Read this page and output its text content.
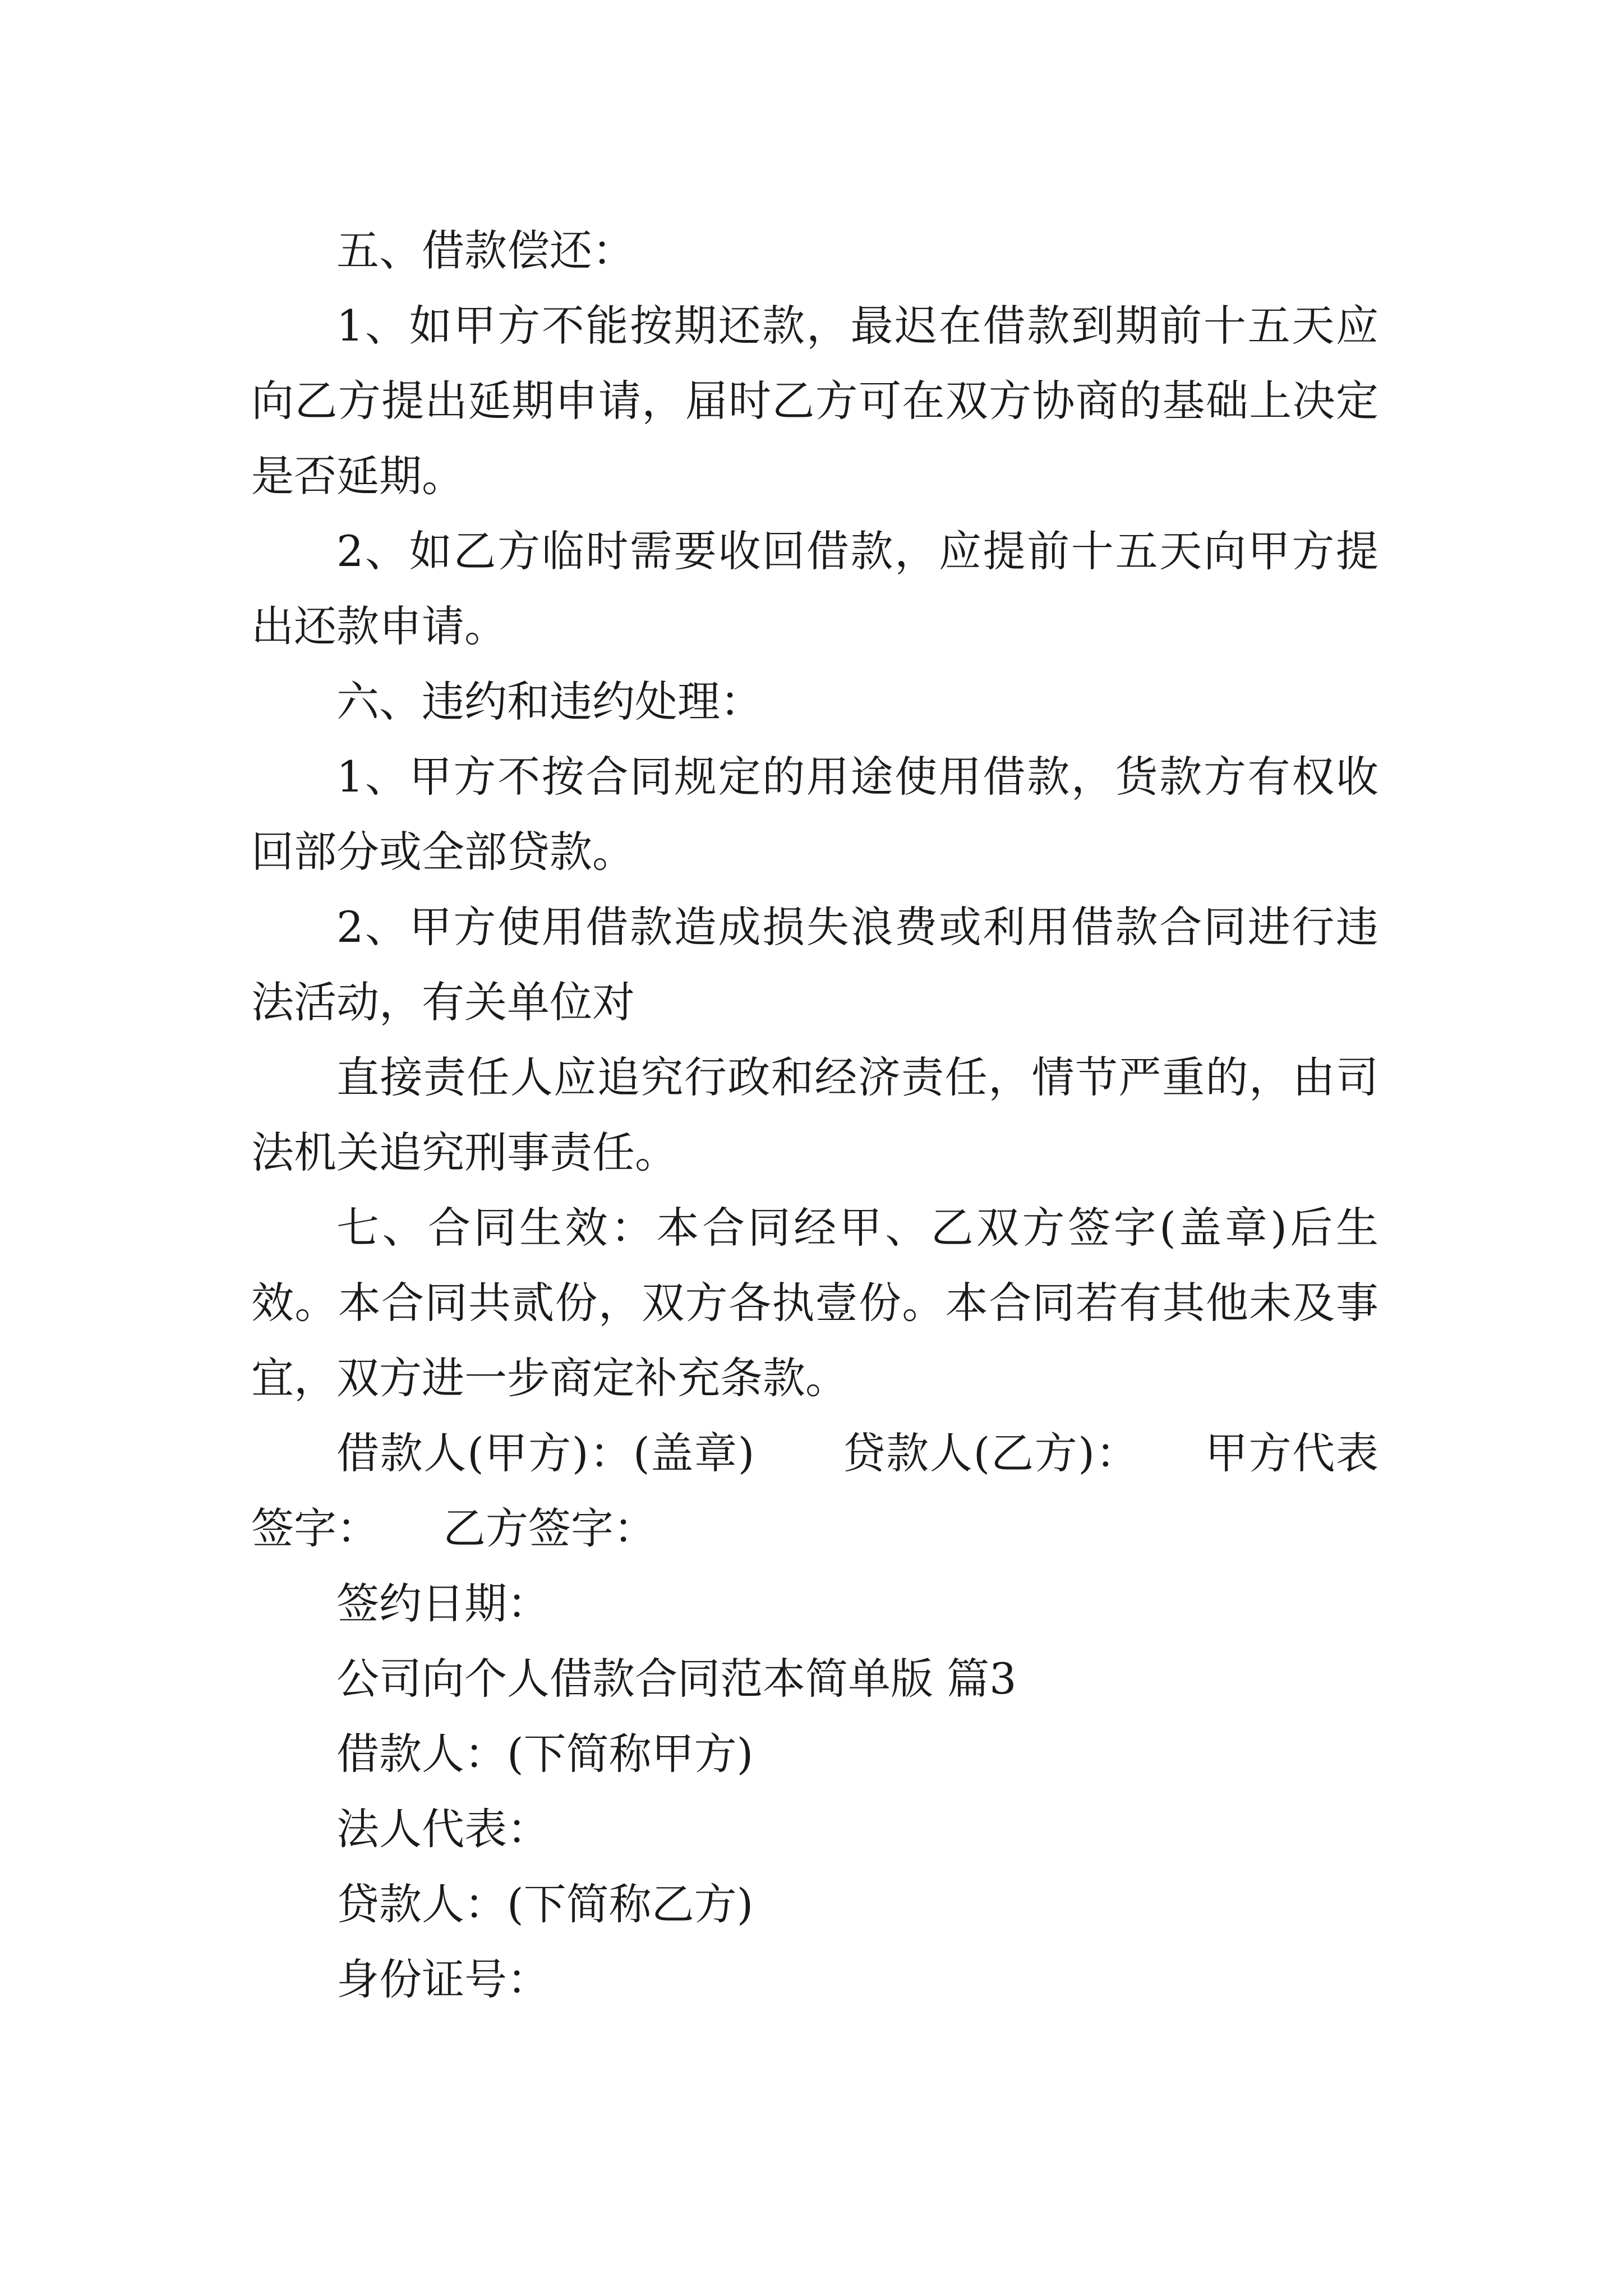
五、借款偿还：

1、如甲方不能按期还款，最迟在借款到期前十五天应向乙方提出延期申请，届时乙方可在双方协商的基础上决定是否延期。

2、如乙方临时需要收回借款，应提前十五天向甲方提出还款申请。

六、违约和违约处理：

1、甲方不按合同规定的用途使用借款，货款方有权收回部分或全部贷款。

2、甲方使用借款造成损失浪费或利用借款合同进行违法活动，有关单位对

直接责任人应追究行政和经济责任，情节严重的，由司法机关追究刑事责任。

七、合同生效：本合同经甲、乙双方签字(盖章)后生效。本合同共贰份，双方各执壹份。本合同若有其他未及事宜，双方进一步商定补充条款。

借款人(甲方)：(盖章)　　贷款人(乙方)：　　甲方代表签字：　　乙方签字：

签约日期：

公司向个人借款合同范本简单版 篇3

借款人：(下简称甲方)

法人代表：

贷款人：(下简称乙方)

身份证号：
